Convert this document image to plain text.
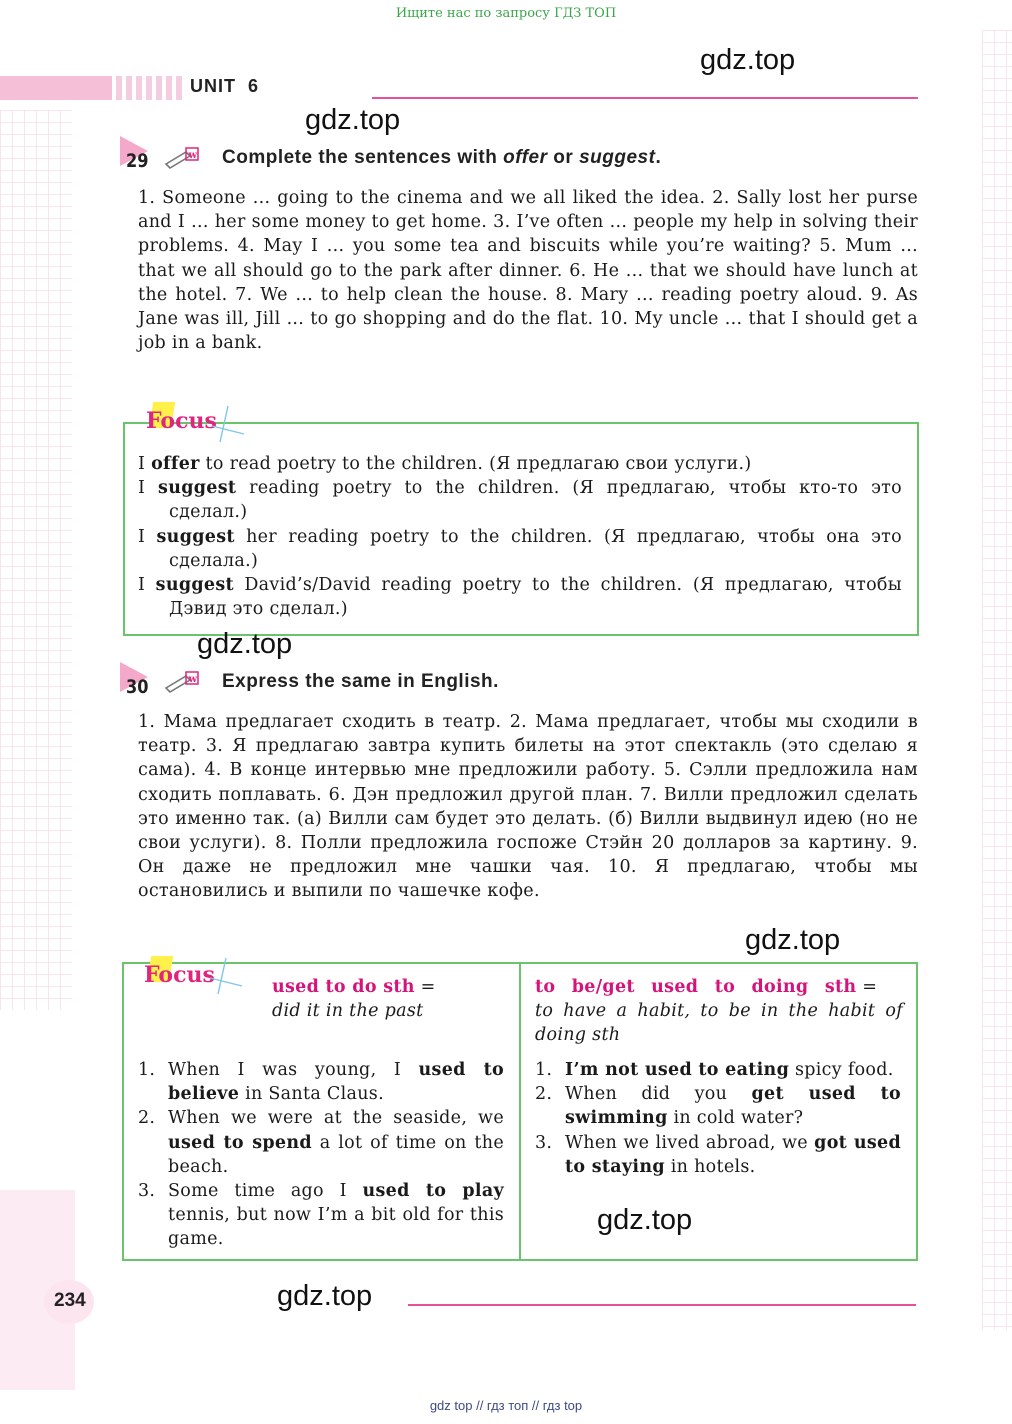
Ищите нас по запросу ГДЗ ТОП
UNIT  6
gdz.top
gdz.top
29	w Complete the sentences with offer or suggest.
1. Someone ... going to the cinema and we all liked the idea. 2. Sally lost her purse and I ... her some money to get home. 3. I’ve often ... people my help in solving their problems. 4. May I ... you some tea and biscuits while you’re waiting? 5. Mum ... that we all should go to the park after dinner. 6. He ... that we should have lunch at the hotel. 7. We ... to help clean the house. 8. Mary ... reading poetry aloud. 9. As Jane was ill, Jill ... to go shopping and do the flat. 10. My uncle ... that I should get a job in a bank.
Focus
I offer to read poetry to the children. (Я предлагаю свои услуги.)
I suggest reading poetry to the children. (Я предлагаю, чтобы кто-то это сделал.)
I suggest her reading poetry to the children. (Я предлагаю, чтобы она это сделала.)
I suggest David’s/David reading poetry to the children. (Я предлагаю, чтобы Дэвид это сделал.)
gdz.top
30	w Express the same in English.
1. Мама предлагает сходить в театр. 2. Мама предлагает, чтобы мы сходили в театр. 3. Я предлагаю завтра купить билеты на этот спектакль (это сделаю я сама). 4. В конце интервью мне предложили работу. 5. Сэлли предложила нам сходить поплавать. 6. Дэн предложил другой план. 7. Вилли предложил сделать это именно так. (а) Вилли сам будет это делать. (б) Вилли выдвинул идею (но не свои услуги). 8. Полли предложила госпоже Стэйн 20 долларов за картину. 9. Он даже не предложил мне чашки чая. 10. Я предлагаю, чтобы мы остановились и выпили по чашечке кофе.
gdz.top
Focus	used to do sth =
did it in the past
1. When I was young, I used to believe in Santa Claus.
2. When we were at the seaside, we used to spend a lot of time on the beach.
3. Some time ago I used to play tennis, but now I’m a bit old for this game.
to be/get used to doing sth =
to have a habit, to be in the habit of doing sth
1. I’m not used to eating spicy food.
2. When did you get used to swimming in cold water?
3. When we lived abroad, we got used to staying in hotels.
gdz.top
234	gdz.top
gdz top // гдз топ // гдз top
